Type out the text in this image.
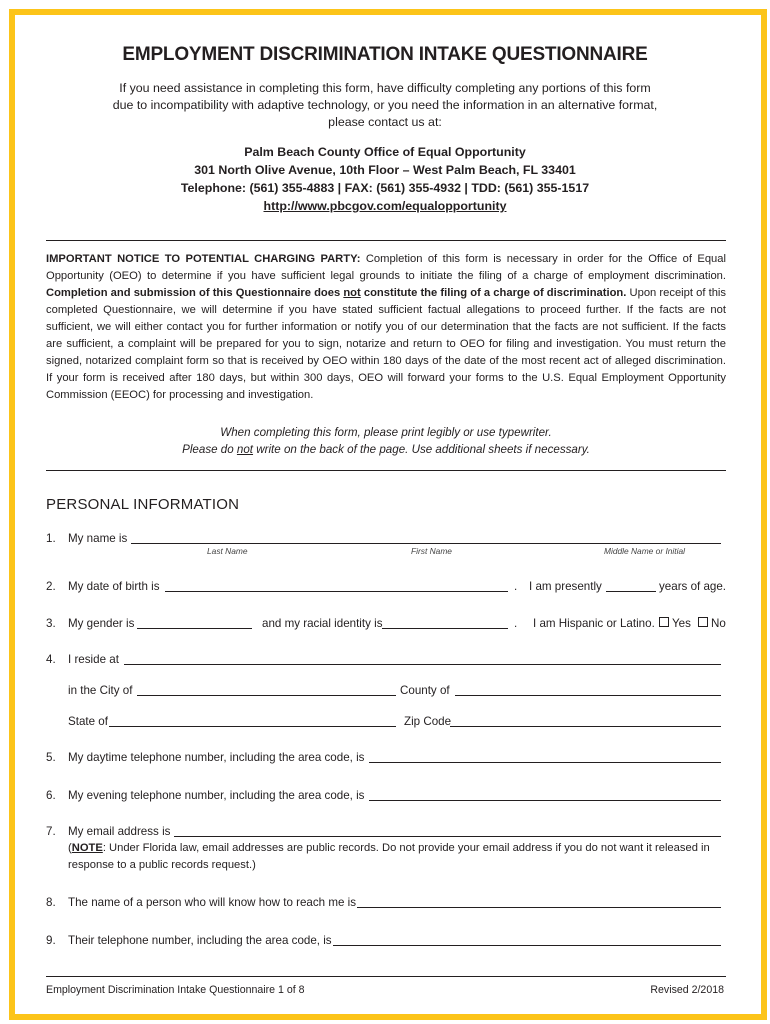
EMPLOYMENT DISCRIMINATION INTAKE QUESTIONNAIRE
If you need assistance in completing this form, have difficulty completing any portions of this form
due to incompatibility with adaptive technology, or you need the information in an alternative format,
please contact us at:
Palm Beach County Office of Equal Opportunity
301 North Olive Avenue, 10th Floor – West Palm Beach, FL 33401
Telephone: (561) 355-4883 | FAX: (561) 355-4932 | TDD: (561) 355-1517
http://www.pbcgov.com/equalopportunity
IMPORTANT NOTICE TO POTENTIAL CHARGING PARTY: Completion of this form is necessary in order for the Office of Equal Opportunity (OEO) to determine if you have sufficient legal grounds to initiate the filing of a charge of employment discrimination. Completion and submission of this Questionnaire does not constitute the filing of a charge of discrimination. Upon receipt of this completed Questionnaire, we will determine if you have stated sufficient factual allegations to proceed further. If the facts are not sufficient, we will either contact you for further information or notify you of our determination that the facts are not sufficient. If the facts are sufficient, a complaint will be prepared for you to sign, notarize and return to OEO for filing and investigation. You must return the signed, notarized complaint form so that is received by OEO within 180 days of the date of the most recent act of alleged discrimination. If your form is received after 180 days, but within 300 days, OEO will forward your forms to the U.S. Equal Employment Opportunity Commission (EEOC) for processing and investigation.
When completing this form, please print legibly or use typewriter.
Please do not write on the back of the page. Use additional sheets if necessary.
PERSONAL INFORMATION
1. My name is
Last Name	First Name	Middle Name or Initial
2. My date of birth is	. I am presently	years of age.
3. My gender is	and my racial identity is	. I am Hispanic or Latino.	Yes	No
4. I reside at
in the City of	County of
State of	Zip Code
5. My daytime telephone number, including the area code, is
6. My evening telephone number, including the area code, is
7. My email address is
(NOTE: Under Florida law, email addresses are public records. Do not provide your email address if you do not want it released in
response to a public records request.)
8. The name of a person who will know how to reach me is
9. Their telephone number, including the area code, is
Employment Discrimination Intake Questionnaire 1 of 8	Revised 2/2018
